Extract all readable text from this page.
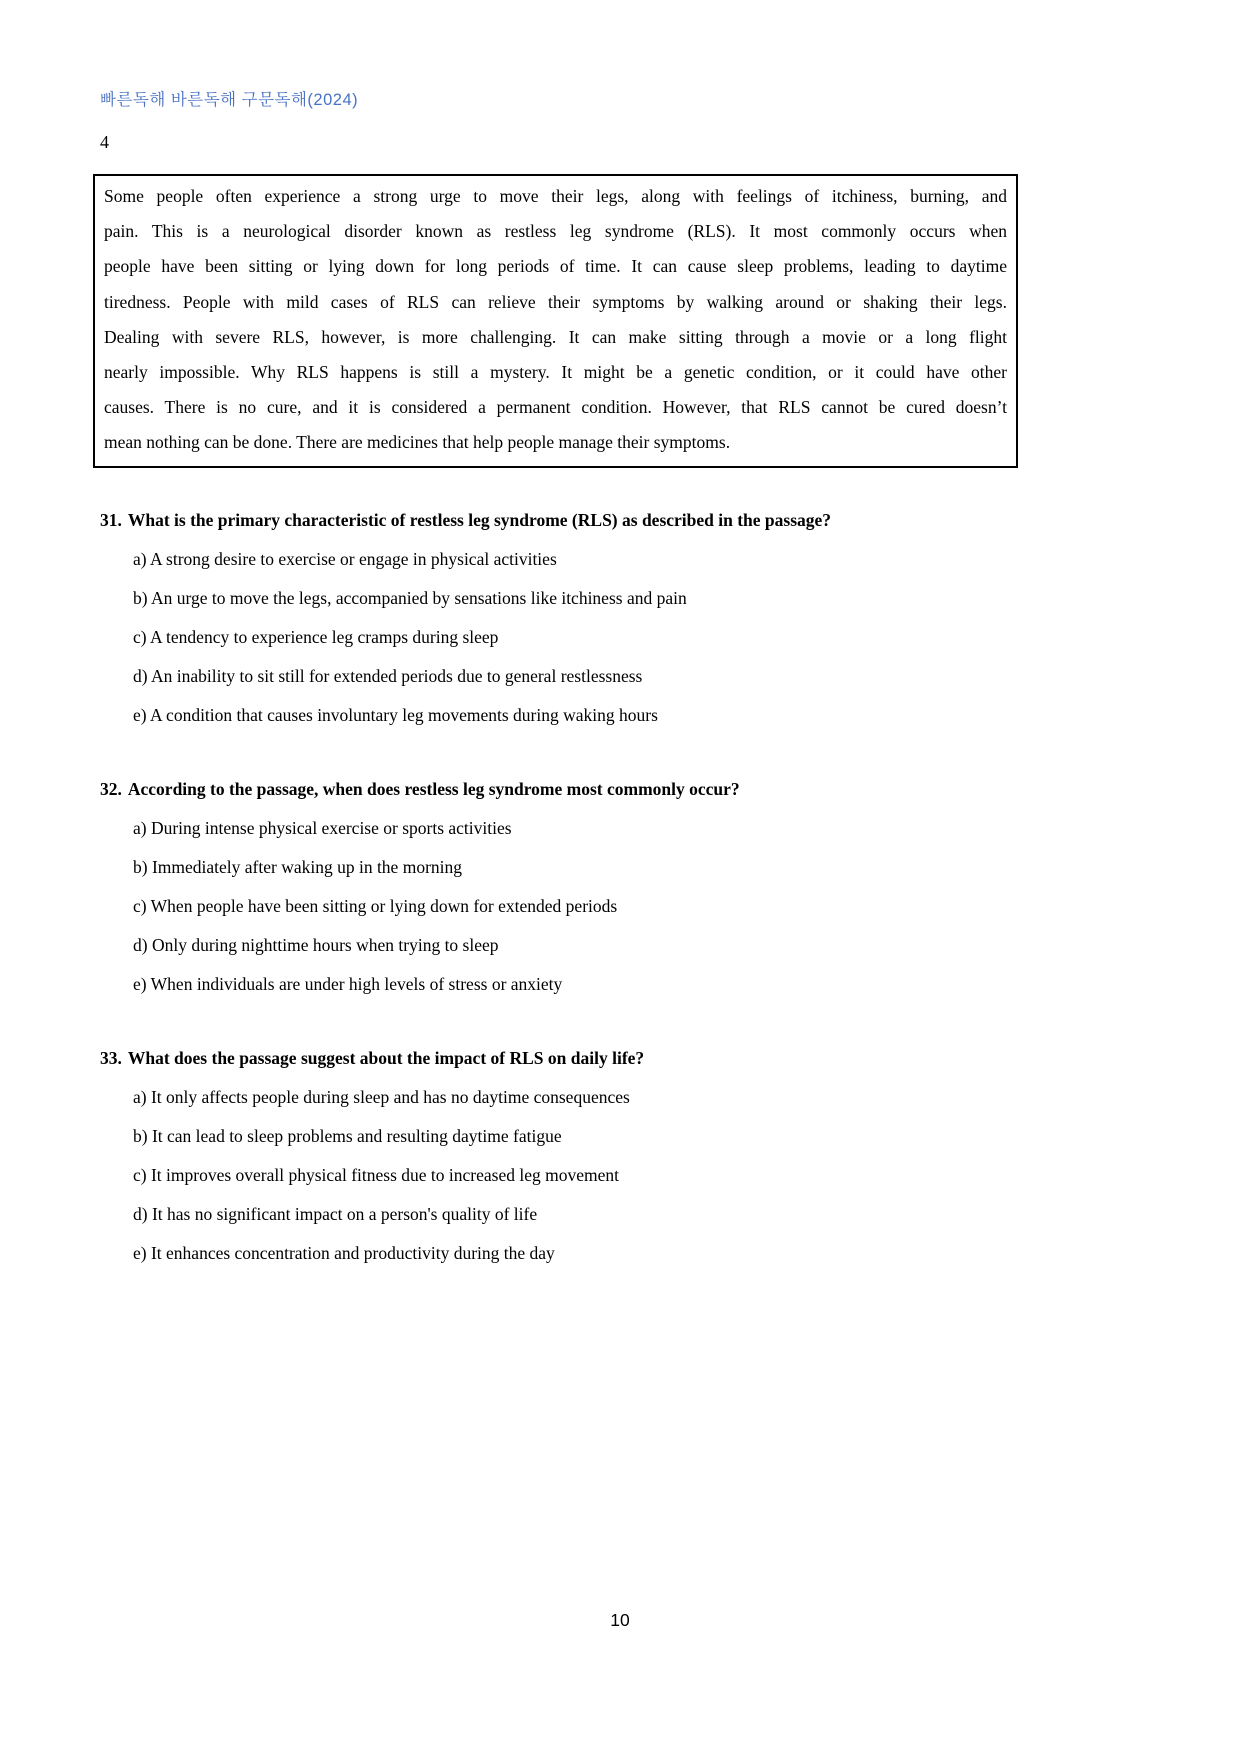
빠른독해 바른독해 구문독해(2024)
4
Some people often experience a strong urge to move their legs, along with feelings of itchiness, burning, and
pain. This is a neurological disorder known as restless leg syndrome (RLS). It most commonly occurs when
people have been sitting or lying down for long periods of time. It can cause sleep problems, leading to daytime
tiredness. People with mild cases of RLS can relieve their symptoms by walking around or shaking their legs.
Dealing with severe RLS, however, is more challenging. It can make sitting through a movie or a long flight
nearly impossible. Why RLS happens is still a mystery. It might be a genetic condition, or it could have other
causes. There is no cure, and it is considered a permanent condition. However, that RLS cannot be cured doesn’t
mean nothing can be done. There are medicines that help people manage their symptoms.
31. What is the primary characteristic of restless leg syndrome (RLS) as described in the passage?
a) A strong desire to exercise or engage in physical activities
b) An urge to move the legs, accompanied by sensations like itchiness and pain
c) A tendency to experience leg cramps during sleep
d) An inability to sit still for extended periods due to general restlessness
e) A condition that causes involuntary leg movements during waking hours
32. According to the passage, when does restless leg syndrome most commonly occur?
a) During intense physical exercise or sports activities
b) Immediately after waking up in the morning
c) When people have been sitting or lying down for extended periods
d) Only during nighttime hours when trying to sleep
e) When individuals are under high levels of stress or anxiety
33. What does the passage suggest about the impact of RLS on daily life?
a) It only affects people during sleep and has no daytime consequences
b) It can lead to sleep problems and resulting daytime fatigue
c) It improves overall physical fitness due to increased leg movement
d) It has no significant impact on a person's quality of life
e) It enhances concentration and productivity during the day
10
